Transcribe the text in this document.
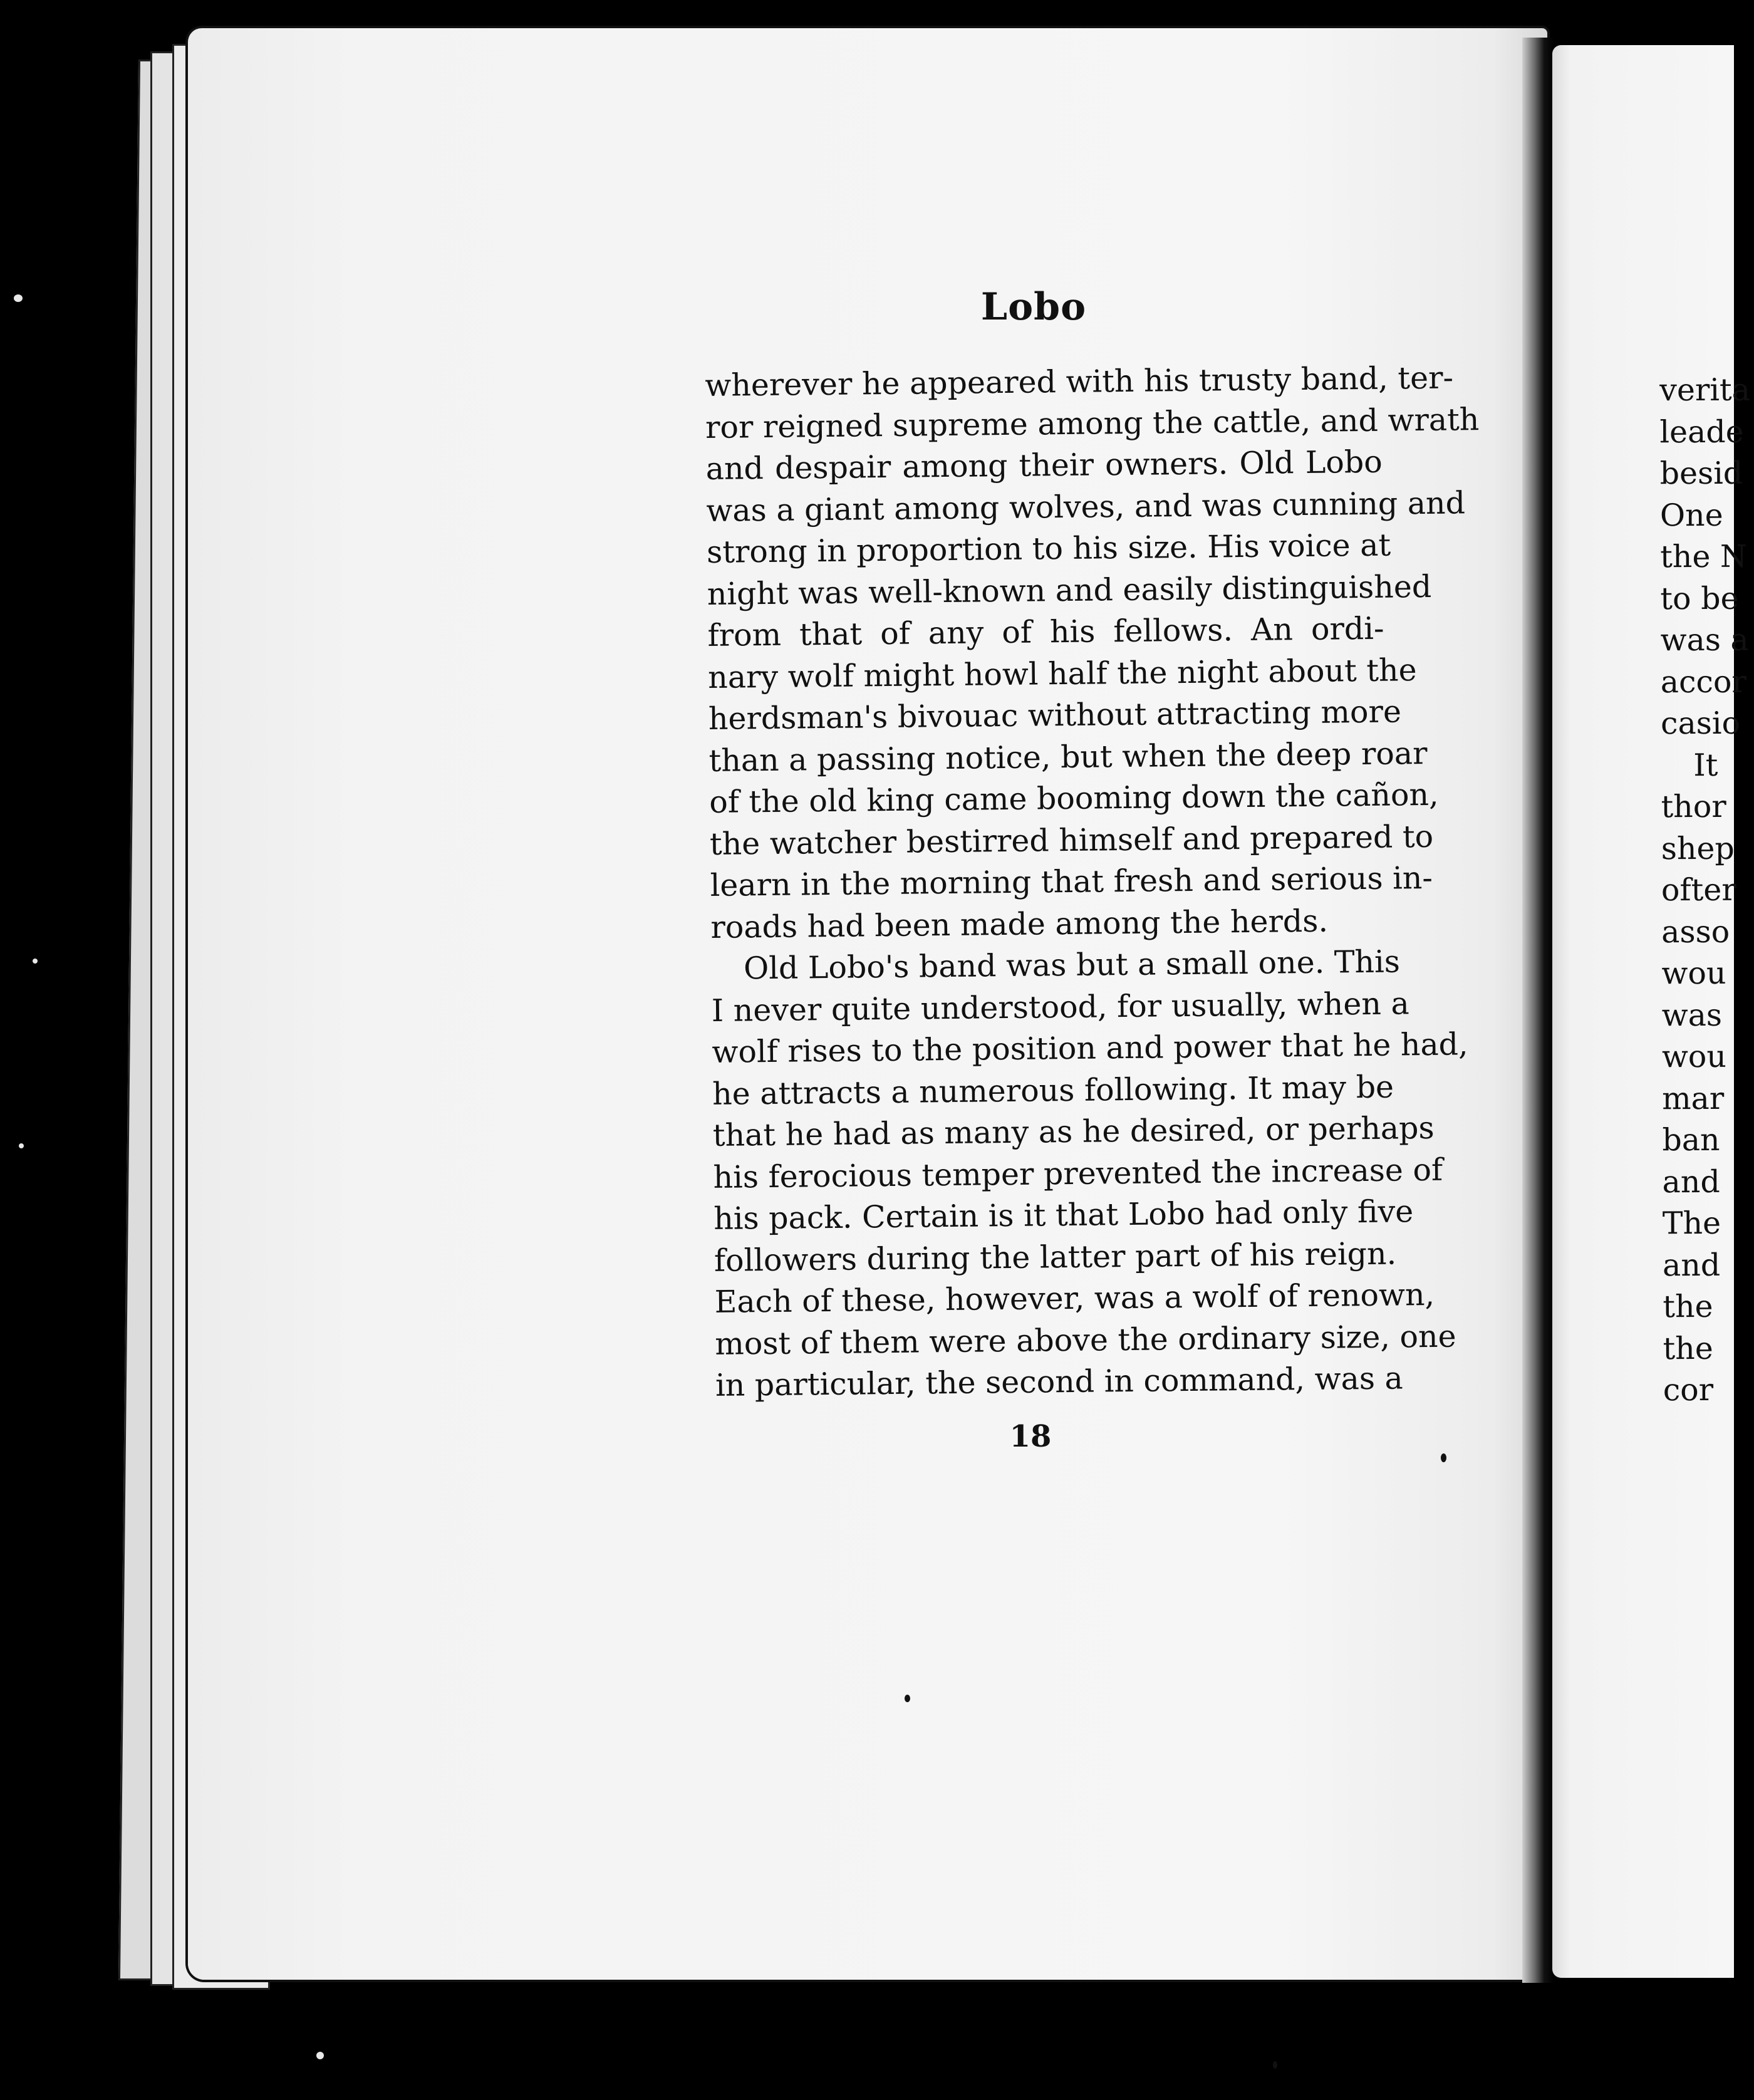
Lobo
wherever he appeared with his trusty band, ter-
ror reigned supreme among the cattle, and wrath
and despair among their owners. Old Lobo
was a giant among wolves, and was cunning and
strong in proportion to his size. His voice at
night was well-known and easily distinguished
from that of any of his fellows. An ordi-
nary wolf might howl half the night about the
herdsman's bivouac without attracting more
than a passing notice, but when the deep roar
of the old king came booming down the cañon,
the watcher bestirred himself and prepared to
learn in the morning that fresh and serious in-
roads had been made among the herds.
Old Lobo's band was but a small one. This
I never quite understood, for usually, when a
wolf rises to the position and power that he had,
he attracts a numerous following. It may be
that he had as many as he desired, or perhaps
his ferocious temper prevented the increase of
his pack. Certain is it that Lobo had only five
followers during the latter part of his reign.
Each of these, however, was a wolf of renown,
most of them were above the ordinary size, one
in particular, the second in command, was a
18
verita
leade
besid
One
the N
to be
was a
accor
casio
It
thor
shep
ofter
asso
wou
was
wou
mar
ban
and
The
and
the
the
cor
